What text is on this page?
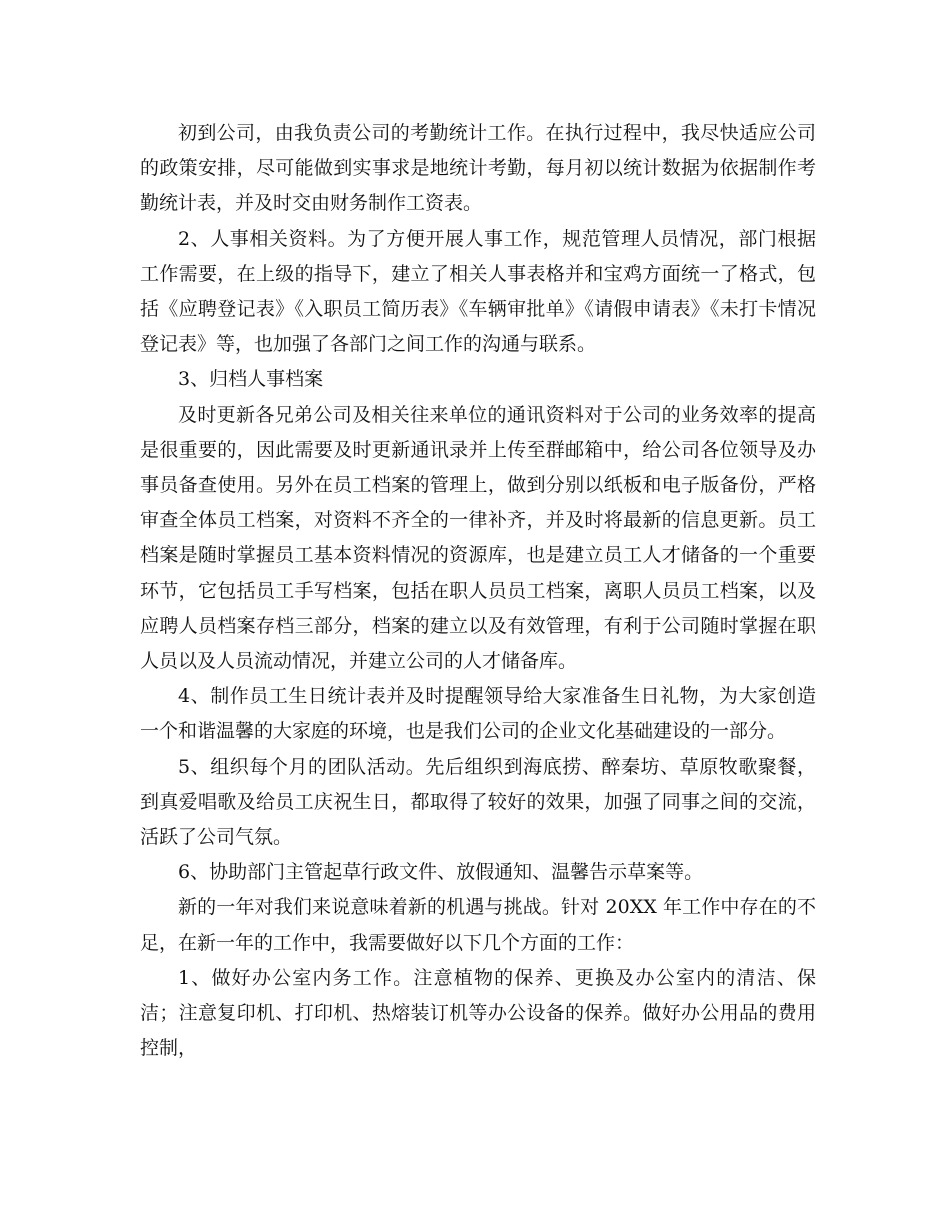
初到公司，由我负责公司的考勤统计工作。在执行过程中，我尽快适应公司的政策安排，尽可能做到实事求是地统计考勤，每月初以统计数据为依据制作考勤统计表，并及时交由财务制作工资表。

2、人事相关资料。为了方便开展人事工作，规范管理人员情况，部门根据工作需要，在上级的指导下，建立了相关人事表格并和宝鸡方面统一了格式，包括《应聘登记表》《入职员工简历表》《车辆审批单》《请假申请表》《未打卡情况登记表》等，也加强了各部门之间工作的沟通与联系。

3、归档人事档案

及时更新各兄弟公司及相关往来单位的通讯资料对于公司的业务效率的提高是很重要的，因此需要及时更新通讯录并上传至群邮箱中，给公司各位领导及办事员备查使用。另外在员工档案的管理上，做到分别以纸板和电子版备份，严格审查全体员工档案，对资料不齐全的一律补齐，并及时将最新的信息更新。员工档案是随时掌握员工基本资料情况的资源库，也是建立员工人才储备的一个重要环节，它包括员工手写档案，包括在职人员员工档案，离职人员员工档案，以及应聘人员档案存档三部分，档案的建立以及有效管理，有利于公司随时掌握在职人员以及人员流动情况，并建立公司的人才储备库。

4、制作员工生日统计表并及时提醒领导给大家准备生日礼物，为大家创造一个和谐温馨的大家庭的环境，也是我们公司的企业文化基础建设的一部分。

5、组织每个月的团队活动。先后组织到海底捞、醉秦坊、草原牧歌聚餐，到真爱唱歌及给员工庆祝生日，都取得了较好的效果，加强了同事之间的交流，活跃了公司气氛。

6、协助部门主管起草行政文件、放假通知、温馨告示草案等。

新的一年对我们来说意味着新的机遇与挑战。针对 20XX 年工作中存在的不足，在新一年的工作中，我需要做好以下几个方面的工作：

1、做好办公室内务工作。注意植物的保养、更换及办公室内的清洁、保洁；注意复印机、打印机、热熔装订机等办公设备的保养。做好办公用品的费用控制，
